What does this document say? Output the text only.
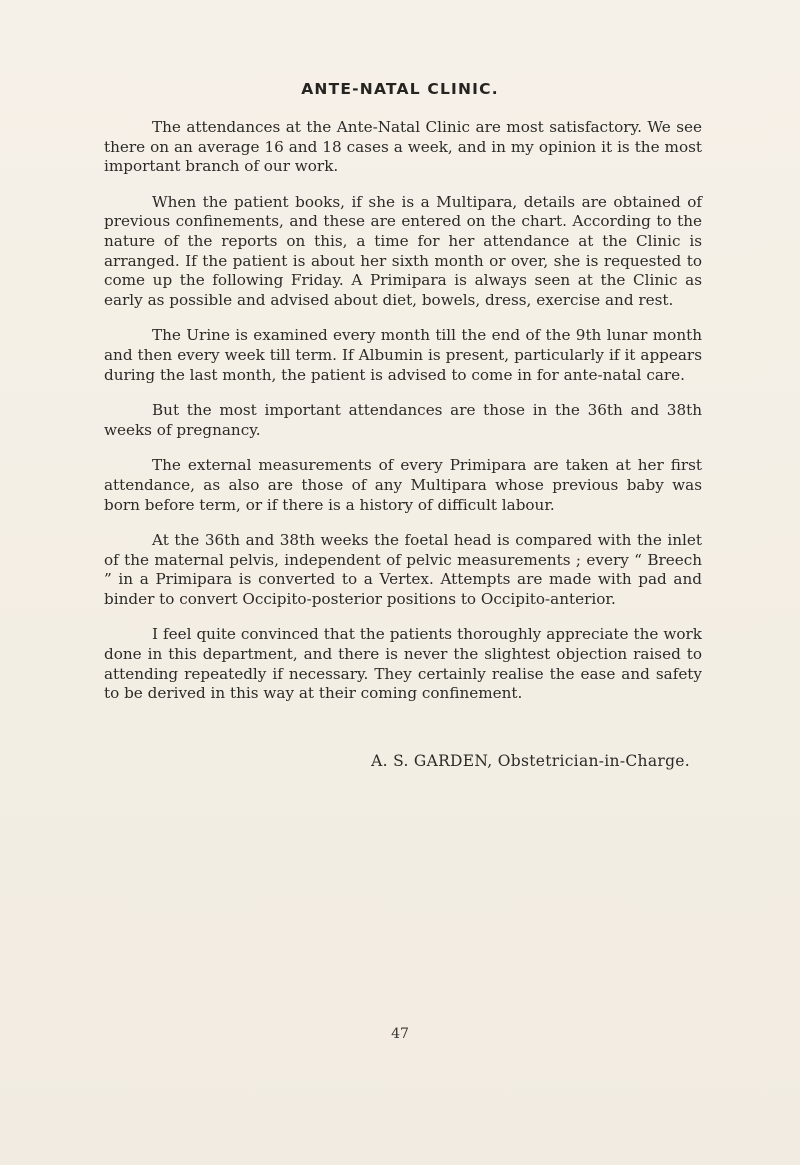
ANTE-NATAL CLINIC.

The attendances at the Ante-Natal Clinic are most satisfactory. We see there on an average 16 and 18 cases a week, and in my opinion it is the most important branch of our work.

When the patient books, if she is a Multipara, details are obtained of previous confinements, and these are entered on the chart. According to the nature of the reports on this, a time for her attendance at the Clinic is arranged. If the patient is about her sixth month or over, she is requested to come up the following Friday. A Primipara is always seen at the Clinic as early as possible and advised about diet, bowels, dress, exercise and rest.

The Urine is examined every month till the end of the 9th lunar month and then every week till term. If Albumin is present, particularly if it appears during the last month, the patient is advised to come in for ante-natal care.

But the most important attendances are those in the 36th and 38th weeks of pregnancy.

The external measurements of every Primipara are taken at her first attendance, as also are those of any Multipara whose previous baby was born before term, or if there is a history of difficult labour.

At the 36th and 38th weeks the foetal head is compared with the inlet of the maternal pelvis, independent of pelvic measurements ; every “ Breech ” in a Primipara is converted to a Vertex. Attempts are made with pad and binder to convert Occipito-posterior positions to Occipito-anterior.

I feel quite convinced that the patients thoroughly appreciate the work done in this department, and there is never the slightest objection raised to attending repeatedly if necessary. They certainly realise the ease and safety to be derived in this way at their coming confinement.

A. S. GARDEN, Obstetrician-in-Charge.
47
